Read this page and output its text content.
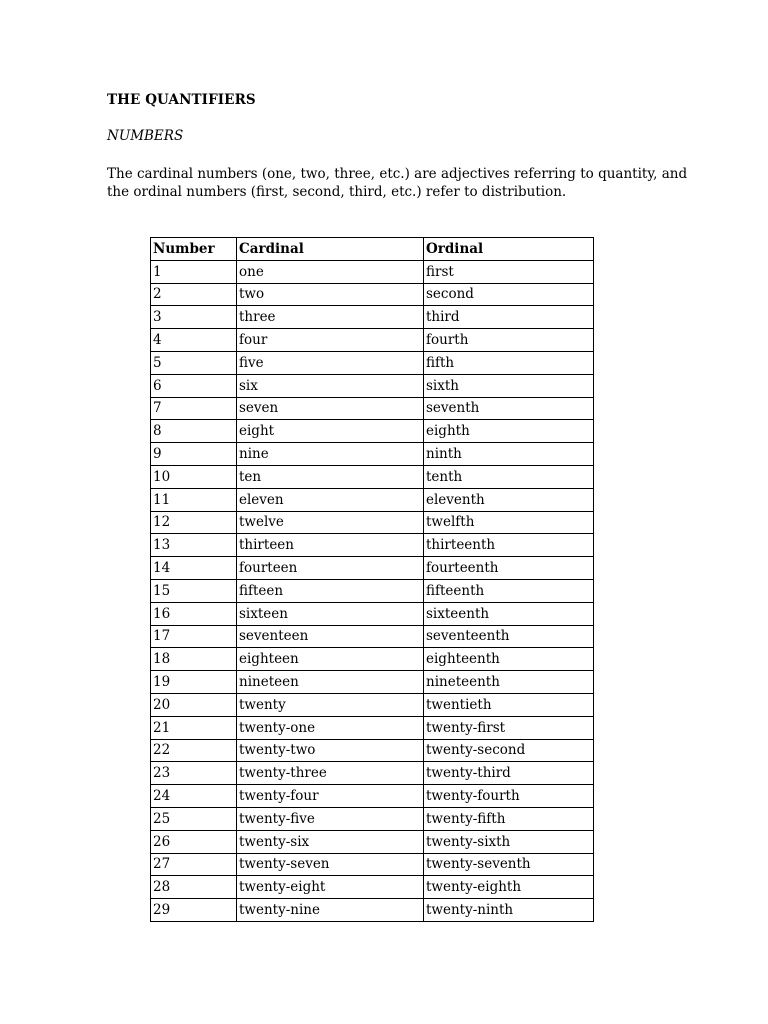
THE QUANTIFIERS
NUMBERS

The cardinal numbers (one, two, three, etc.) are adjectives referring to quantity, and
the ordinal numbers (first, second, third, etc.) refer to distribution.

Number	Cardinal	Ordinal
1	one	first
2	two	second
3	three	third
4	four	fourth
5	five	fifth
6	six	sixth
7	seven	seventh
8	eight	eighth
9	nine	ninth
10	ten	tenth
11	eleven	eleventh
12	twelve	twelfth
13	thirteen	thirteenth
14	fourteen	fourteenth
15	fifteen	fifteenth
16	sixteen	sixteenth
17	seventeen	seventeenth
18	eighteen	eighteenth
19	nineteen	nineteenth
20	twenty	twentieth
21	twenty-one	twenty-first
22	twenty-two	twenty-second
23	twenty-three	twenty-third
24	twenty-four	twenty-fourth
25	twenty-five	twenty-fifth
26	twenty-six	twenty-sixth
27	twenty-seven	twenty-seventh
28	twenty-eight	twenty-eighth
29	twenty-nine	twenty-ninth
